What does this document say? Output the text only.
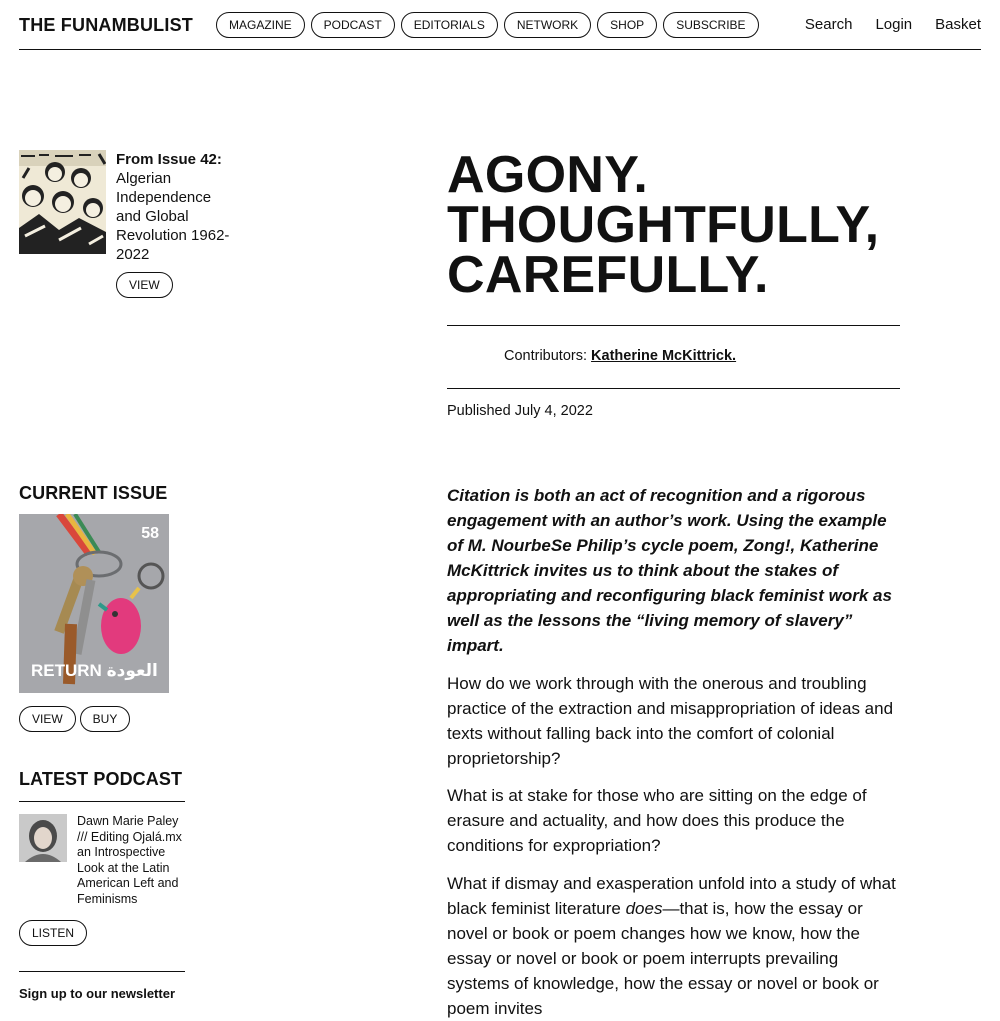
THE FUNAMBULIST	MAGAZINE	PODCAST	EDITORIALS	NETWORK	SHOP	SUBSCRIBE	Search Login Basket
From Issue 42:
Algerian Independence and Global Revolution 1962-2022
VIEW
CURRENT ISSUE
58
RETURN العودة
VIEW	BUY
LATEST PODCAST
Dawn Marie Paley /// Editing Ojalá.mx an Introspective Look at the Latin American Left and Feminisms
LISTEN
Sign up to our newsletter
AGONY.
THOUGHTFULLY,
CAREFULLY.
Contributors: Katherine McKittrick.
Published July 4, 2022
Citation is both an act of recognition and a rigorous engagement with an author’s work. Using the example of M. NourbeSe Philip’s cycle poem, Zong!, Katherine McKittrick invites us to think about the stakes of appropriating and reconfiguring black feminist work as well as the lessons the “living memory of slavery” impart.
How do we work through with the onerous and troubling practice of the extraction and misappropriation of ideas and texts without falling back into the comfort of colonial proprietorship?
What is at stake for those who are sitting on the edge of erasure and actuality, and how does this produce the conditions for expropriation?
What if dismay and exasperation unfold into a study of what black feminist literature does—that is, how the essay or novel or book or poem changes how we know, how the essay or novel or book or poem interrupts prevailing systems of knowledge, how the essay or novel or book or poem invites
